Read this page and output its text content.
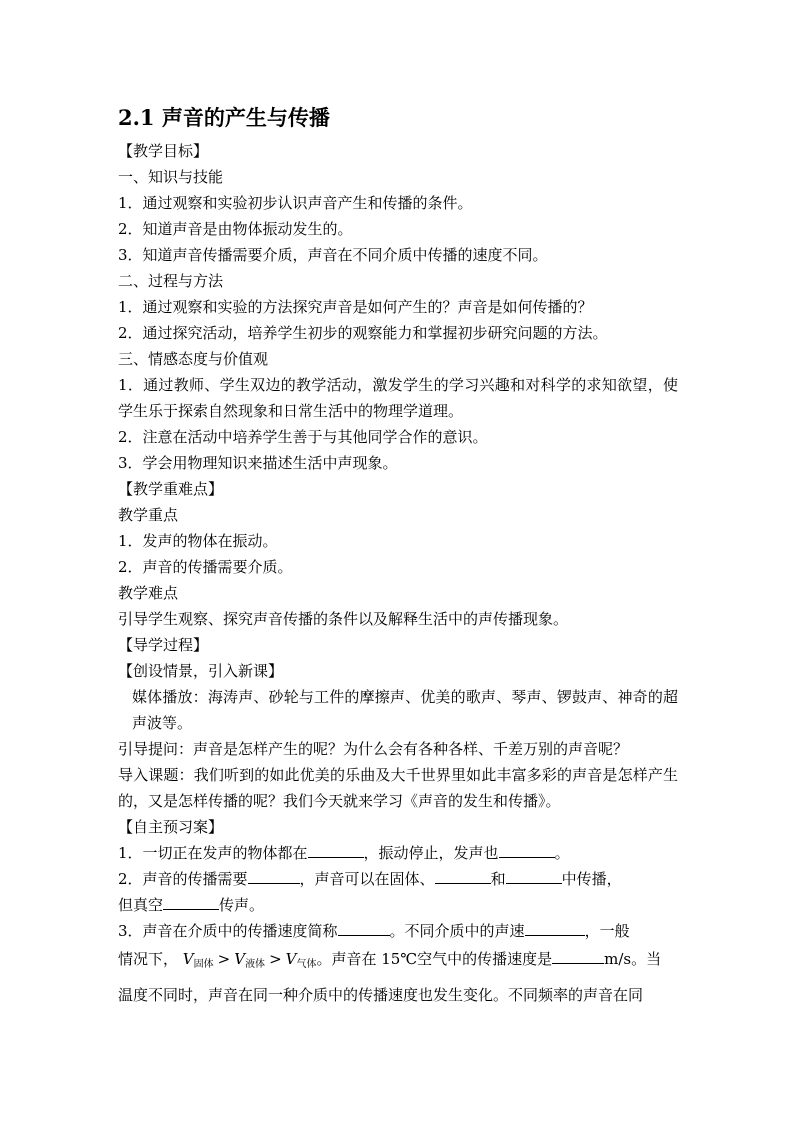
2.1 声音的产生与传播
【教学目标】
一、知识与技能
1．通过观察和实验初步认识声音产生和传播的条件。
2．知道声音是由物体振动发生的。
3．知道声音传播需要介质，声音在不同介质中传播的速度不同。
二、过程与方法
1．通过观察和实验的方法探究声音是如何产生的？声音是如何传播的？
2．通过探究活动，培养学生初步的观察能力和掌握初步研究问题的方法。
三、情感态度与价值观
1．通过教师、学生双边的教学活动，激发学生的学习兴趣和对科学的求知欲望，使学生乐于探索自然现象和日常生活中的物理学道理。
2．注意在活动中培养学生善于与其他同学合作的意识。
3．学会用物理知识来描述生活中声现象。
【教学重难点】
教学重点
1．发声的物体在振动。
2．声音的传播需要介质。
教学难点
引导学生观察、探究声音传播的条件以及解释生活中的声传播现象。
【导学过程】
【创设情景，引入新课】
媒体播放：海涛声、砂轮与工件的摩擦声、优美的歌声、琴声、锣鼓声、神奇的超声波等。
引导提问：声音是怎样产生的呢？为什么会有各种各样、千差万别的声音呢？
导入课题：我们听到的如此优美的乐曲及大千世界里如此丰富多彩的声音是怎样产生的，又是怎样传播的呢？我们今天就来学习《声音的发生和传播》。
【自主预习案】
1．一切正在发声的物体都在	，振动停止，发声也	。
2．声音的传播需要	，声音可以在固体、	和	中传播，
但真空	传声。
3．声音在介质中的传播速度简称	。不同介质中的声速	，一般
情况下， $V_{固体} > V_{液体} > V_{气体}$。声音在 15℃空气中的传播速度是	m/s。当
温度不同时，声音在同一种介质中的传播速度也发生变化。不同频率的声音在同
